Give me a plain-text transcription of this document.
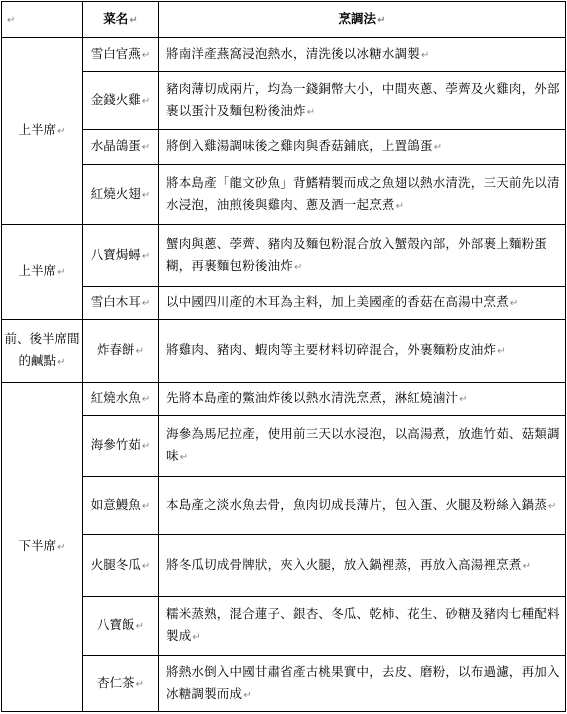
↵	菜名↵	烹調法↵
上半席↵	雪白官燕↵	將南洋產燕窩浸泡熱水，清洗後以冰糖水調製↵
	金錢火雞↵	豬肉薄切成兩片，均為一錢銅幣大小，中間夾蔥、荸薺及火雞肉，外部裹以蛋汁及麵包粉後油炸↵
	水晶鴿蛋↵	將倒入雞湯調味後之雞肉與香菇鋪底，上置鴿蛋↵
	紅燒火翅↵	將本島產「龍文砂魚」背鰭精製而成之魚翅以熱水清洗，三天前先以清水浸泡，油煎後與雞肉、蔥及酒一起烹煮↵
上半席↵	八寶焗蟳↵	蟹肉與蔥、荸薺、豬肉及麵包粉混合放入蟹殼內部，外部裹上麵粉蛋糊，再裹麵包粉後油炸↵
	雪白木耳↵	以中國四川產的木耳為主料，加上美國產的香菇在高湯中烹煮↵
前、後半席間的鹹點↵	炸春餅↵	將雞肉、豬肉、蝦肉等主要材料切碎混合，外裹麵粉皮油炸↵
下半席↵	紅燒水魚↵	先將本島產的鱉油炸後以熱水清洗烹煮，淋紅燒滷汁↵
	海參竹茹↵	海參為馬尼拉產，使用前三天以水浸泡，以高湯煮，放進竹茹、菇類調味↵
	如意鰻魚↵	本島產之淡水魚去骨，魚肉切成長薄片，包入蛋、火腿及粉絲入鍋蒸↵
	火腿冬瓜↵	將冬瓜切成骨牌狀，夾入火腿，放入鍋裡蒸，再放入高湯裡烹煮↵
	八寶飯↵	糯米蒸熟，混合蓮子、銀杏、冬瓜、乾柿、花生、砂糖及豬肉七種配料製成↵
	杏仁茶↵	將熱水倒入中國甘肅省產古桃果實中，去皮、磨粉，以布過濾，再加入冰糖調製而成↵
